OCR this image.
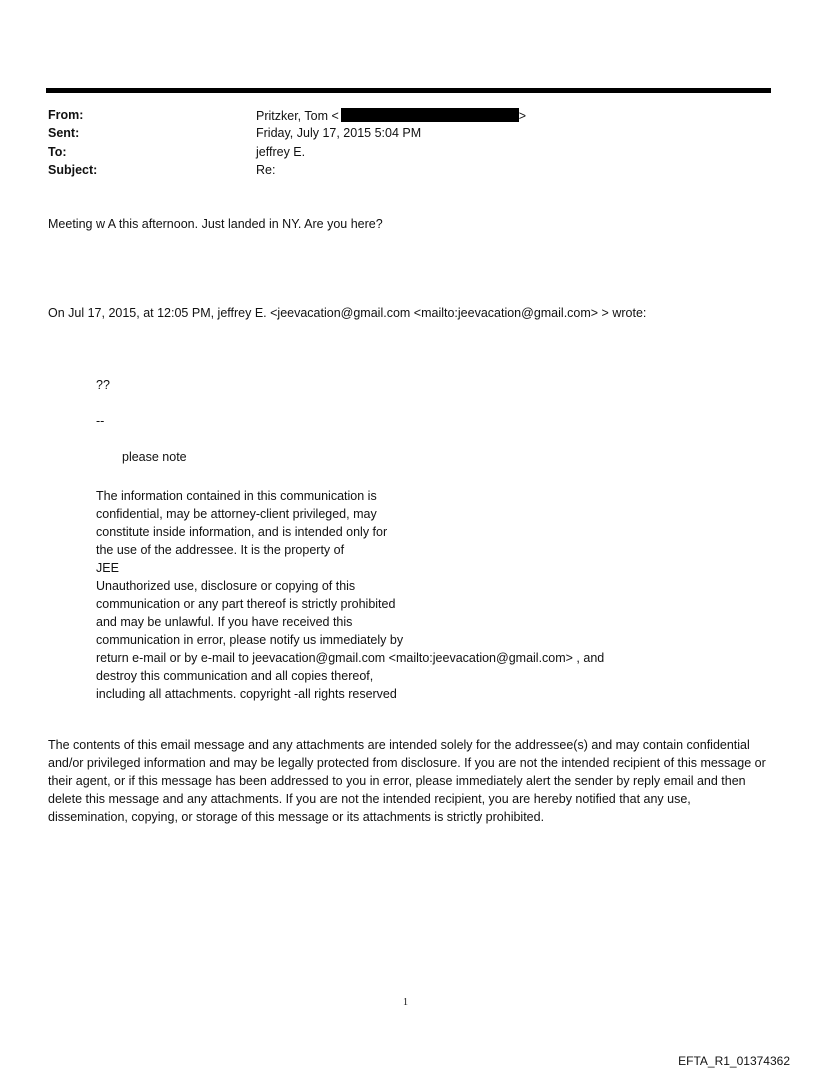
From:	Pritzker, Tom <	>
Sent:	Friday, July 17, 2015 5:04 PM
To:	jeffrey E.
Subject:	Re:
Meeting w A this afternoon. Just landed in NY. Are you here?
On Jul 17, 2015, at 12:05 PM, jeffrey E. <jeevacation@gmail.com <mailto:jeevacation@gmail.com> > wrote:
??
--
please note
The information contained in this communication is
confidential, may be attorney-client privileged, may
constitute inside information, and is intended only for
the use of the addressee. It is the property of
JEE
Unauthorized use, disclosure or copying of this
communication or any part thereof is strictly prohibited
and may be unlawful. If you have received this
communication in error, please notify us immediately by
return e-mail or by e-mail to jeevacation@gmail.com <mailto:jeevacation@gmail.com> , and
destroy this communication and all copies thereof,
including all attachments. copyright -all rights reserved
The contents of this email message and any attachments are intended solely for the addressee(s) and may contain confidential and/or privileged information and may be legally protected from disclosure. If you are not the intended recipient of this message or their agent, or if this message has been addressed to you in error, please immediately alert the sender by reply email and then delete this message and any attachments. If you are not the intended recipient, you are hereby notified that any use, dissemination, copying, or storage of this message or its attachments is strictly prohibited.
1
EFTA_R1_01374362
